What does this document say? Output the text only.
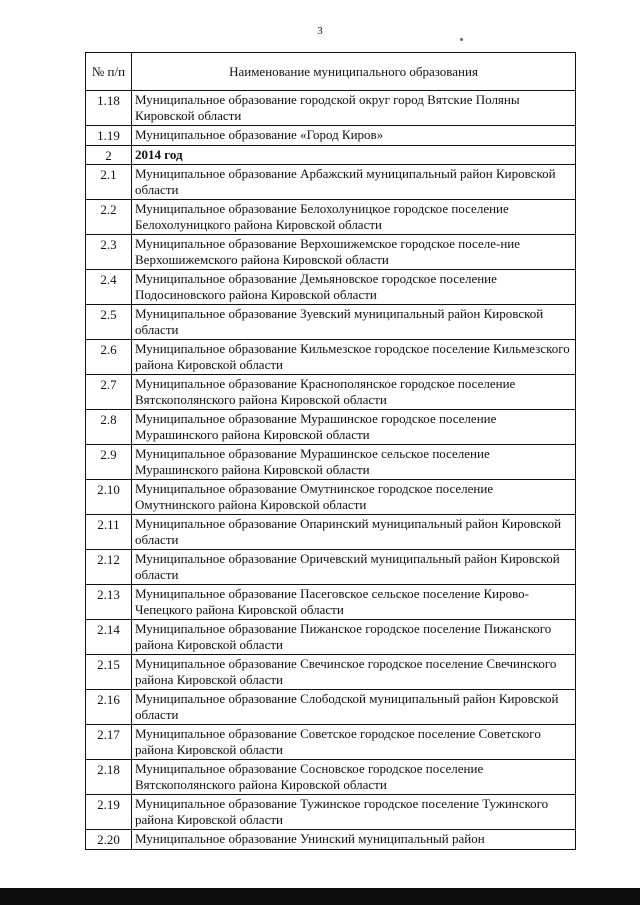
3
№ п/п	Наименование муниципального образования
1.18	Муниципальное образование городской округ город Вятские Поляны Кировской области
1.19	Муниципальное образование «Город Киров»
2	2014 год
2.1	Муниципальное образование Арбажский муниципальный район Кировской области
2.2	Муниципальное образование Белохолуницкое городское поселение Белохолуницкого района Кировской области
2.3	Муниципальное образование Верхошижемское городское поселе-ние Верхошижемского района Кировской области
2.4	Муниципальное образование Демьяновское городское поселение Подосиновского района Кировской области
2.5	Муниципальное образование Зуевский муниципальный район Кировской области
2.6	Муниципальное образование Кильмезское городское поселение Кильмезского района Кировской области
2.7	Муниципальное образование Краснополянское городское поселение Вятскополянского района Кировской области
2.8	Муниципальное образование Мурашинское городское поселение Мурашинского района Кировской области
2.9	Муниципальное образование Мурашинское сельское поселение Мурашинского района Кировской области
2.10	Муниципальное образование Омутнинское городское поселение Омутнинского района Кировской области
2.11	Муниципальное образование Опаринский муниципальный район Кировской области
2.12	Муниципальное образование Оричевский муниципальный район Кировской области
2.13	Муниципальное образование Пасеговское сельское поселение Кирово-Чепецкого района Кировской области
2.14	Муниципальное образование Пижанское городское поселение Пижанского района Кировской области
2.15	Муниципальное образование Свечинское городское поселение Свечинского района Кировской области
2.16	Муниципальное образование Слободской муниципальный район Кировской области
2.17	Муниципальное образование Советское городское поселение Советского района Кировской области
2.18	Муниципальное образование Сосновское городское поселение Вятскополянского района Кировской области
2.19	Муниципальное образование Тужинское городское поселение Тужинского района Кировской области
2.20	Муниципальное образование Унинский муниципальный район
